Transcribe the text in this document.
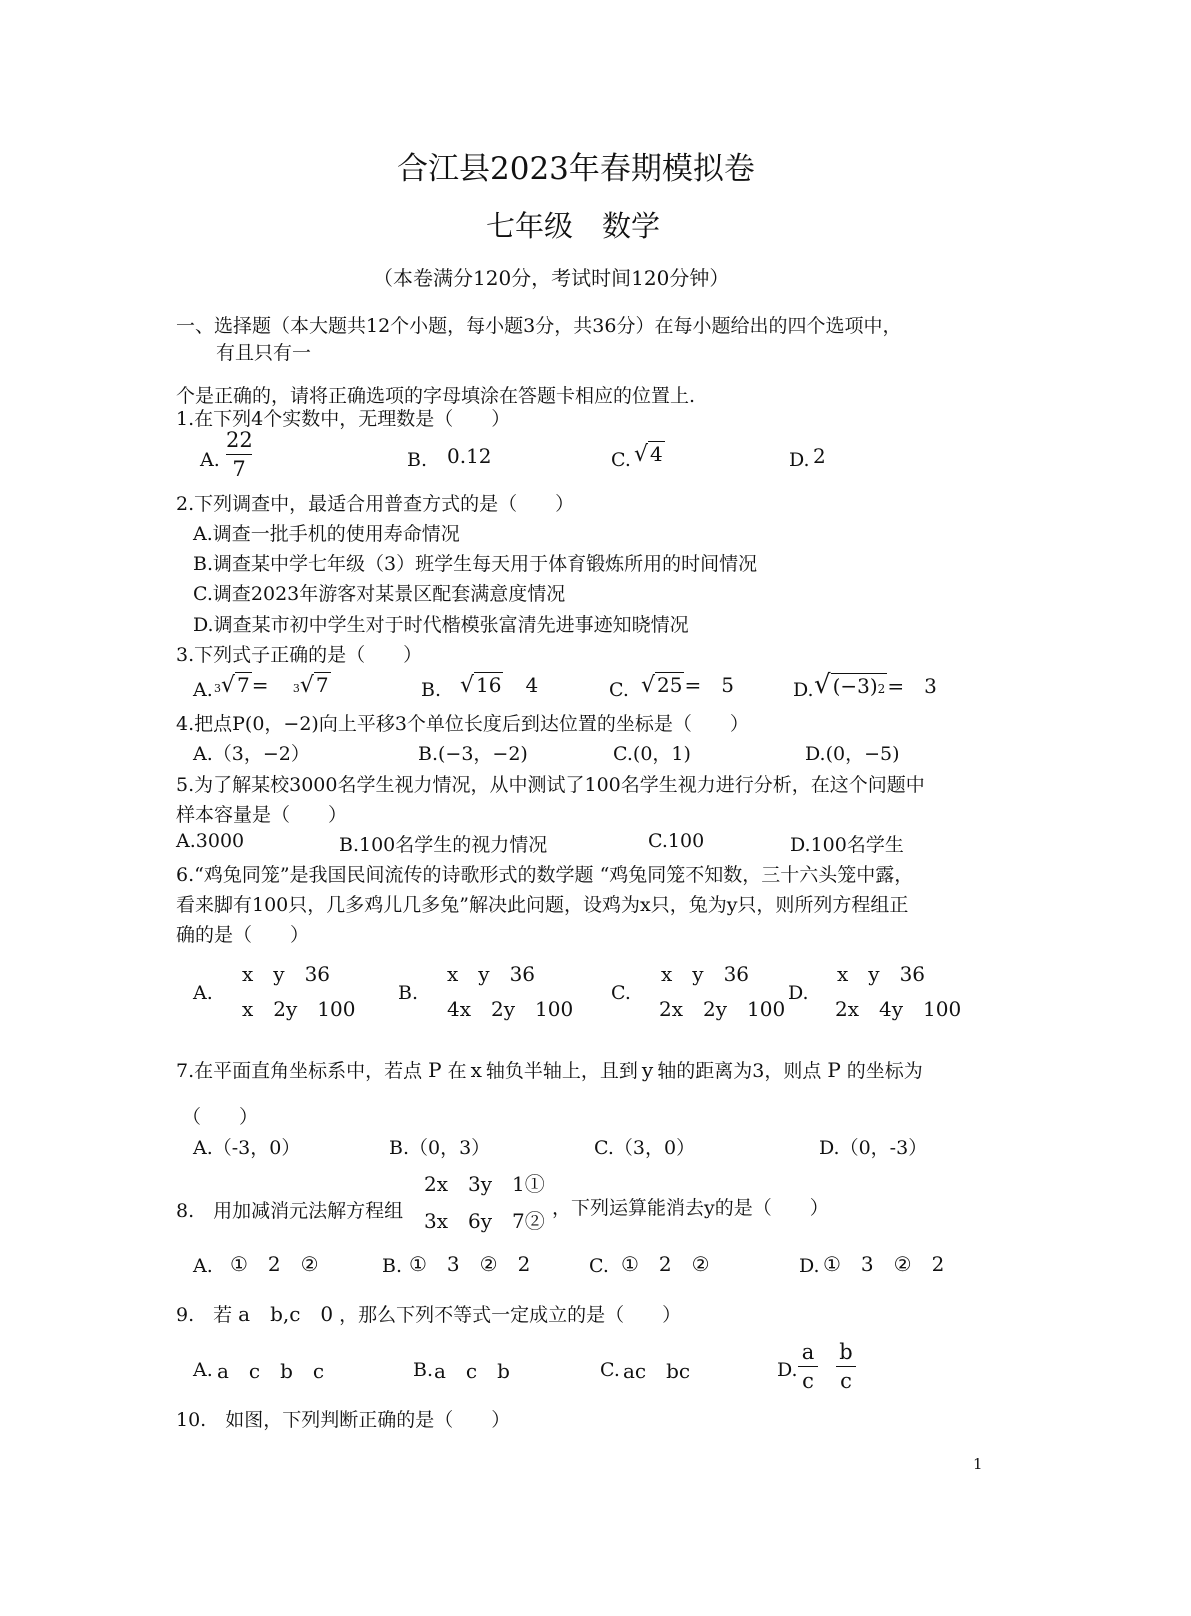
合江县2023年春期模拟卷
七年级　数学
（本卷满分120分，考试时间120分钟）
一、选择题（本大题共12个小题，每小题3分，共36分）在每小题给出的四个选项中，
有且只有一
个是正确的，请将正确选项的字母填涂在答题卡相应的位置上.
1.在下列4个实数中，无理数是（　　）
A.
22
7	B. 0.12	C. √ 4	D. 2
2.下列调查中，最适合用普查方式的是（　　）
A.调查一批手机的使用寿命情况
B.调查某中学七年级（3）班学生每天用于体育锻炼所用的时间情况
C.调查2023年游客对某景区配套满意度情况
D.调查某市初中学生对于时代楷模张富清先进事迹知晓情况
3.下列式子正确的是（　　）
A. 3√ 7 = 3√ 7	B. √ 16 4	C. √ 25 = 5	D. √ (−3)2 = 3
4.把点P(0，−2)向上平移3个单位长度后到达位置的坐标是（　　）
A.（3，−2）	B.(−3，−2)	C.(0，1)	D.(0，−5)
5.为了解某校3000名学生视力情况，从中测试了100名学生视力进行分析，在这个问题中
样本容量是（　　）
A.3000	B.100名学生的视力情况	C.100	D.100名学生
6.“鸡兔同笼”是我国民间流传的诗歌形式的数学题 “鸡兔同笼不知数，三十六头笼中露，
看来脚有100只，几多鸡儿几多兔”解决此问题，设鸡为x只，兔为y只，则所列方程组正
确的是（　　）
A.
x　y　36
x　2y　100
B.
x　y　36
4x　2y　100
C.
x　y　36
2x　2y　100
D.
x　y　36
2x　4y　100
7.在平面直角坐标系中，若点 P 在 x 轴负半轴上，且到 y 轴的距离为3，则点 P 的坐标为
（　　）
A.（-3，0）	B.（0，3）	C.（3，0）	D.（0，-3）
8.　用加减消元法解方程组
2x　3y　1①
3x　6y　7②
，下列运算能消去y的是（　　）
A. ①　2　②	B. ①　3　②　2	C. ①　2　②	D. ①　3　②　2
9.　若 a　b,c　0 ，那么下列不等式一定成立的是（　　）
A. a　c　b　c	B. a　c　b	C. ac　bc	D.
a
c
b
c
10.　如图，下列判断正确的是（　　）
1
